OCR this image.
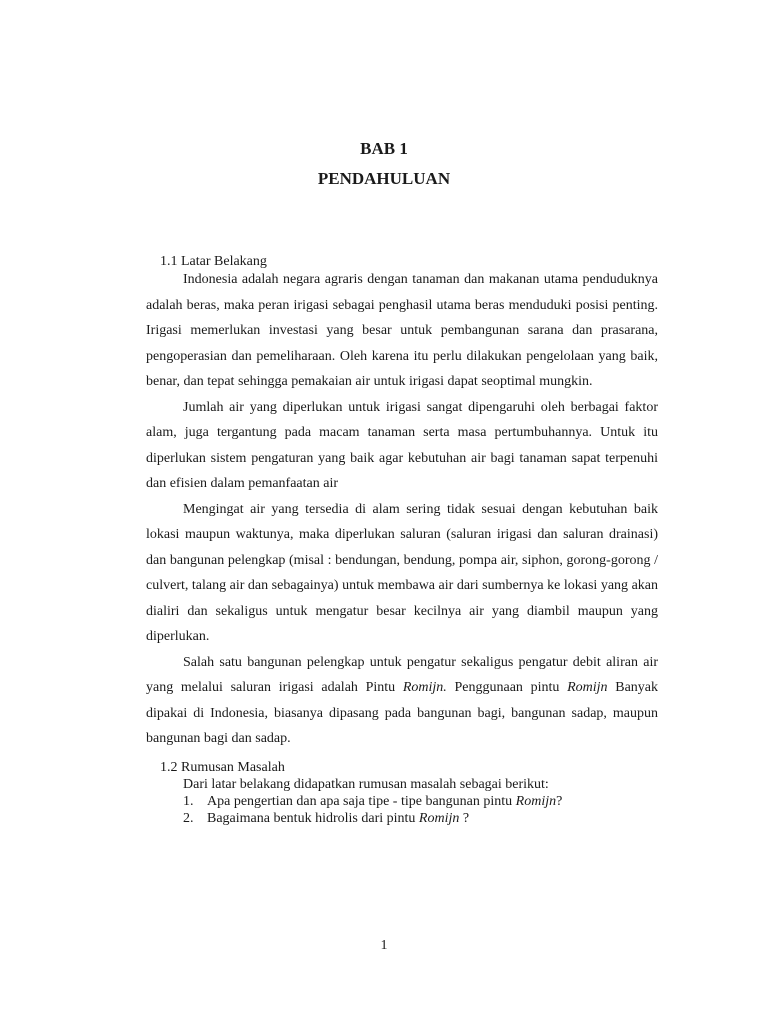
BAB 1
PENDAHULUAN
1.1 Latar Belakang

Indonesia adalah negara agraris dengan tanaman dan makanan utama penduduknya adalah beras, maka peran irigasi sebagai penghasil utama beras menduduki posisi penting. Irigasi memerlukan investasi yang besar untuk pembangunan sarana dan prasarana, pengoperasian dan pemeliharaan. Oleh karena itu perlu dilakukan pengelolaan yang baik, benar, dan tepat sehingga pemakaian air untuk irigasi dapat seoptimal mungkin.

Jumlah air yang diperlukan untuk irigasi sangat dipengaruhi oleh berbagai faktor alam, juga tergantung pada macam tanaman serta masa pertumbuhannya. Untuk itu diperlukan sistem pengaturan yang baik agar kebutuhan air bagi tanaman sapat terpenuhi dan efisien dalam pemanfaatan air

Mengingat air yang tersedia di alam sering tidak sesuai dengan kebutuhan baik lokasi maupun waktunya, maka diperlukan saluran (saluran irigasi dan saluran drainasi) dan bangunan pelengkap (misal : bendungan, bendung, pompa air, siphon, gorong-gorong / culvert, talang air dan sebagainya) untuk membawa air dari sumbernya ke lokasi yang akan dialiri dan sekaligus untuk mengatur besar kecilnya air yang diambil maupun yang diperlukan.

Salah satu bangunan pelengkap untuk pengatur sekaligus pengatur debit aliran air yang melalui saluran irigasi adalah Pintu Romijn. Penggunaan pintu Romijn Banyak dipakai di Indonesia, biasanya dipasang pada bangunan bagi, bangunan sadap, maupun bangunan bagi dan sadap.

1.2 Rumusan Masalah

Dari latar belakang didapatkan rumusan masalah sebagai berikut:

1. Apa pengertian dan apa saja tipe - tipe bangunan pintu Romijn?

2. Bagaimana bentuk hidrolis dari pintu Romijn ?

1
